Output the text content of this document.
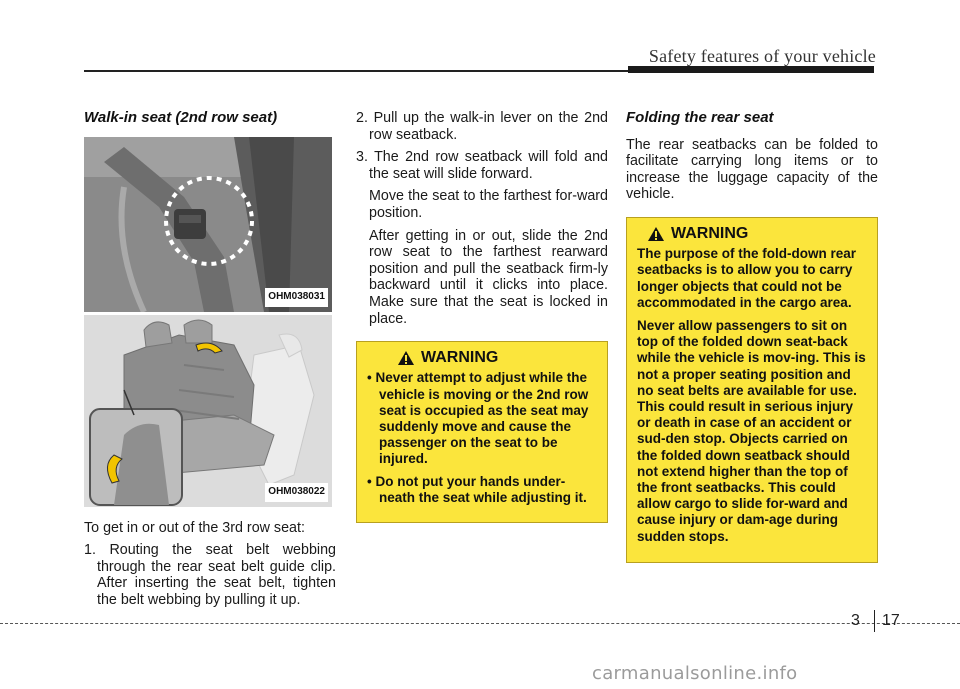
Safety features of your vehicle
Walk-in seat (2nd row seat)
OHM038031
OHM038022

To get in or out of the 3rd row seat:

1. Routing the seat belt webbing through the rear seat belt guide clip. After inserting the seat belt, tighten the belt webbing by pulling it up.

2. Pull up the walk-in lever on the 2nd row seatback.

3. The 2nd row seatback will fold and the seat will slide forward.

Move the seat to the farthest for-ward position.

After getting in or out, slide the 2nd row seat to the farthest rearward position and pull the seatback firm-ly backward until it clicks into place. Make sure that the seat is locked in place.

WARNING
• Never attempt to adjust while the vehicle is moving or the 2nd row seat is occupied as the seat may suddenly move and cause the passenger on the seat to be injured.
• Do not put your hands under-neath the seat while adjusting it.
Folding the rear seat

The rear seatbacks can be folded to facilitate carrying long items or to increase the luggage capacity of the vehicle.

WARNING

The purpose of the fold-down rear seatbacks is to allow you to carry longer objects that could not be accommodated in the cargo area.

Never allow passengers to sit on top of the folded down seat-back while the vehicle is mov-ing. This is not a proper seating position and no seat belts are available for use. This could result in serious injury or death in case of an accident or sud-den stop. Objects carried on the folded down seatback should not extend higher than the top of the front seatbacks. This could allow cargo to slide for-ward and cause injury or dam-age during sudden stops.

3 17
carmanualsonline.info
